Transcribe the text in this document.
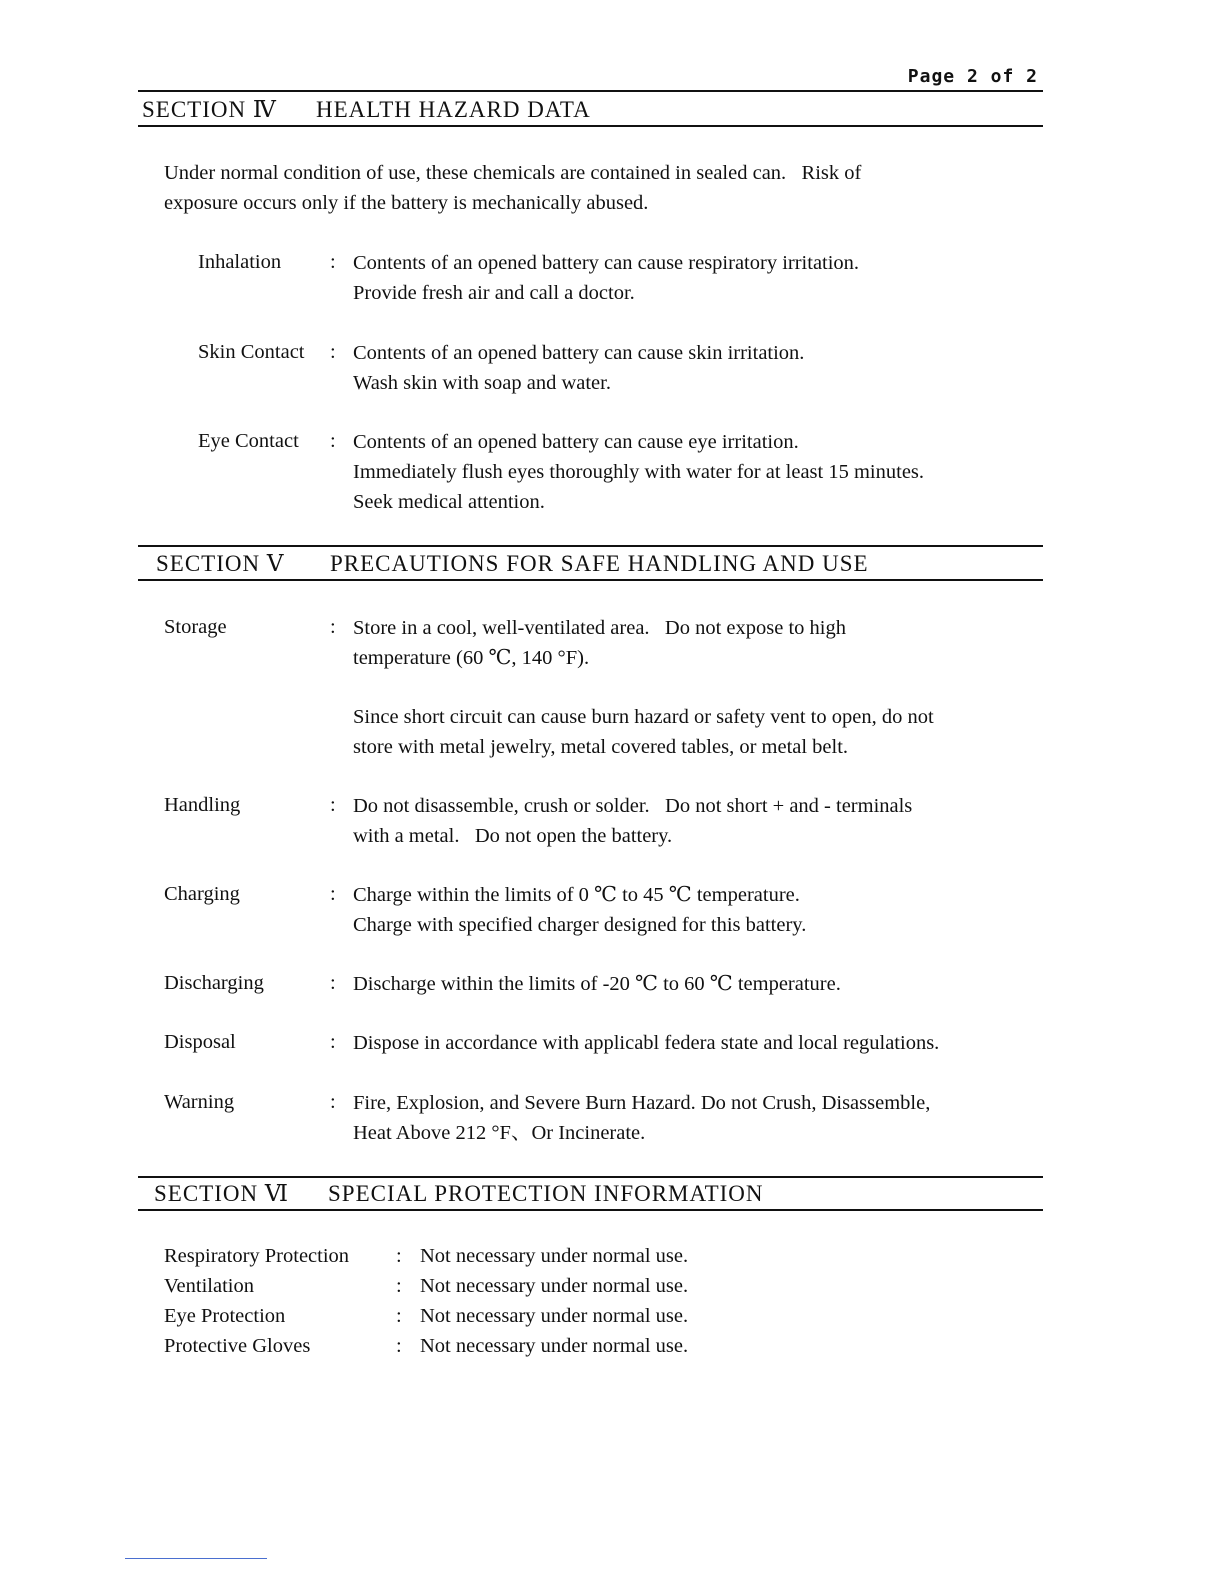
Page 2 of 2
SECTION Ⅳ HEALTH HAZARD DATA
Under normal condition of use, these chemicals are contained in sealed can.   Risk of
exposure occurs only if the battery is mechanically abused.
Inhalation : Contents of an opened battery can cause respiratory irritation.
Provide fresh air and call a doctor.
Skin Contact : Contents of an opened battery can cause skin irritation.
Wash skin with soap and water.
Eye Contact : Contents of an opened battery can cause eye irritation.
Immediately flush eyes thoroughly with water for at least 15 minutes.
Seek medical attention.
SECTION Ⅴ PRECAUTIONS FOR SAFE HANDLING AND USE
Storage	: Store in a cool, well-ventilated area.   Do not expose to high
temperature (60 ℃, 140 °F).
Since short circuit can cause burn hazard or safety vent to open, do not
store with metal jewelry, metal covered tables, or metal belt.
Handling	: Do not disassemble, crush or solder.   Do not short + and - terminals
with a metal.   Do not open the battery.
Charging	: Charge within the limits of 0 ℃ to 45 ℃ temperature.
Charge with specified charger designed for this battery.
Discharging	: Discharge within the limits of -20 ℃ to 60 ℃ temperature.
Disposal	: Dispose in accordance with applicabl federa state and local regulations.
Warning	: Fire, Explosion, and Severe Burn Hazard. Do not Crush, Disassemble,
Heat Above 212 °F、Or Incinerate.
SECTION Ⅵ SPECIAL PROTECTION INFORMATION
Respiratory Protection : Not necessary under normal use.
Ventilation	: Not necessary under normal use.
Eye Protection	: Not necessary under normal use.
Protective Gloves	: Not necessary under normal use.
